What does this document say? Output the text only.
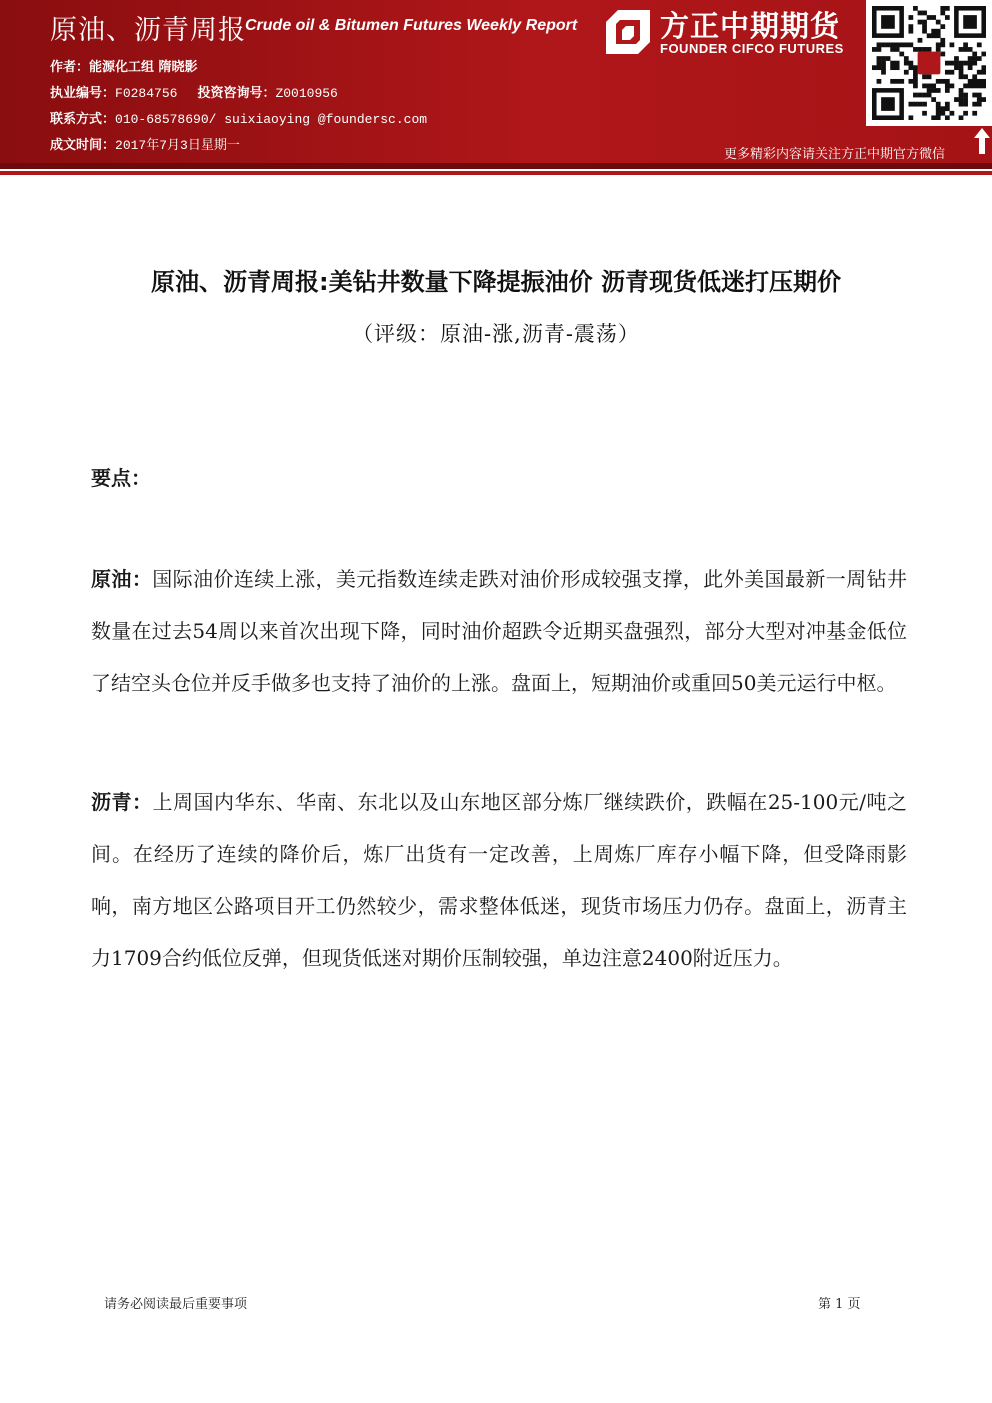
原油、沥青周报 Crude oil & Bitumen Futures Weekly Report
作者：能源化工组 隋晓影
执业编号：F0284756 投资咨询号：Z0010956
联系方式：010-68578690/ suixiaoying @foundersc.com
成文时间：2017年7月3日星期一
方正中期期货
FOUNDER CIFCO FUTURES
更多精彩内容请关注方正中期官方微信
原油、沥青周报:美钻井数量下降提振油价 沥青现货低迷打压期价
（评级：原油-涨,沥青-震荡）
要点：

原油：国际油价连续上涨，美元指数连续走跌对油价形成较强支撑，此外美国最新一周钻井数量在过去54周以来首次出现下降，同时油价超跌令近期买盘强烈，部分大型对冲基金低位了结空头仓位并反手做多也支持了油价的上涨。盘面上，短期油价或重回50美元运行中枢。

沥青：上周国内华东、华南、东北以及山东地区部分炼厂继续跌价，跌幅在25-100元/吨之间。在经历了连续的降价后，炼厂出货有一定改善，上周炼厂库存小幅下降，但受降雨影响，南方地区公路项目开工仍然较少，需求整体低迷，现货市场压力仍存。盘面上，沥青主力1709合约低位反弹，但现货低迷对期价压制较强，单边注意2400附近压力。

请务必阅读最后重要事项	第 1 页
